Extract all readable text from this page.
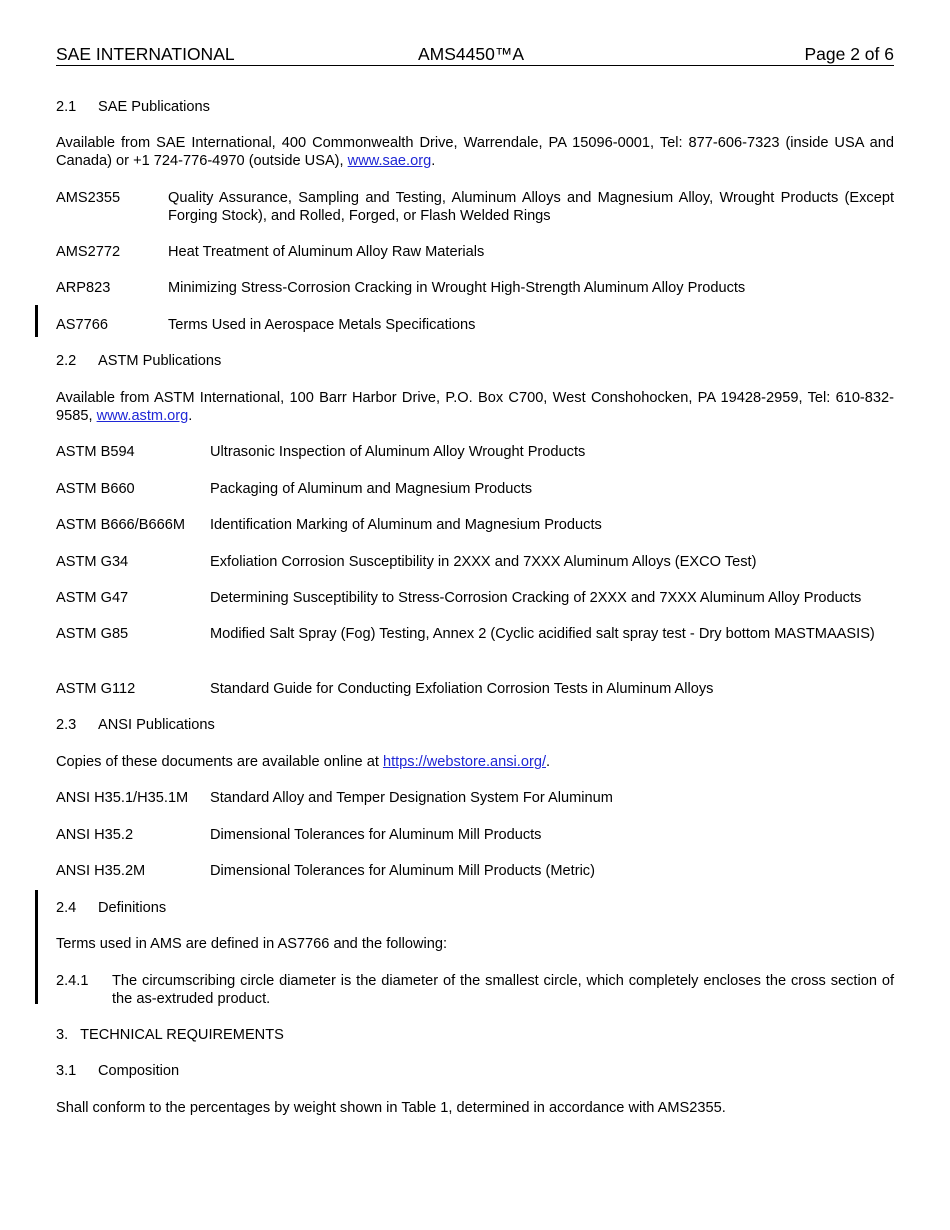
SAE INTERNATIONAL	AMS4450™A	Page 2 of 6
2.1 SAE Publications
Available from SAE International, 400 Commonwealth Drive, Warrendale, PA 15096-0001, Tel: 877-606-7323 (inside USA and Canada) or +1 724-776-4970 (outside USA), www.sae.org.
AMS2355	Quality Assurance, Sampling and Testing, Aluminum Alloys and Magnesium Alloy, Wrought Products (Except Forging Stock), and Rolled, Forged, or Flash Welded Rings
AMS2772	Heat Treatment of Aluminum Alloy Raw Materials
ARP823	Minimizing Stress-Corrosion Cracking in Wrought High-Strength Aluminum Alloy Products
AS7766	Terms Used in Aerospace Metals Specifications
2.2 ASTM Publications
Available from ASTM International, 100 Barr Harbor Drive, P.O. Box C700, West Conshohocken, PA 19428-2959, Tel: 610-832-9585, www.astm.org.
ASTM B594	Ultrasonic Inspection of Aluminum Alloy Wrought Products
ASTM B660	Packaging of Aluminum and Magnesium Products
ASTM B666/B666M Identification Marking of Aluminum and Magnesium Products
ASTM G34	Exfoliation Corrosion Susceptibility in 2XXX and 7XXX Aluminum Alloys (EXCO Test)
ASTM G47	Determining Susceptibility to Stress-Corrosion Cracking of 2XXX and 7XXX Aluminum Alloy Products
ASTM G85	Modified Salt Spray (Fog) Testing, Annex 2 (Cyclic acidified salt spray test - Dry bottom MASTMAASIS)
ASTM G112	Standard Guide for Conducting Exfoliation Corrosion Tests in Aluminum Alloys
2.3 ANSI Publications
Copies of these documents are available online at https://webstore.ansi.org/.
ANSI H35.1/H35.1M Standard Alloy and Temper Designation System For Aluminum
ANSI H35.2	Dimensional Tolerances for Aluminum Mill Products
ANSI H35.2M	Dimensional Tolerances for Aluminum Mill Products (Metric)
2.4 Definitions
Terms used in AMS are defined in AS7766 and the following:
2.4.1 The circumscribing circle diameter is the diameter of the smallest circle, which completely encloses the cross section of the as-extruded product.
3.   TECHNICAL REQUIREMENTS
3.1 Composition
Shall conform to the percentages by weight shown in Table 1, determined in accordance with AMS2355.
